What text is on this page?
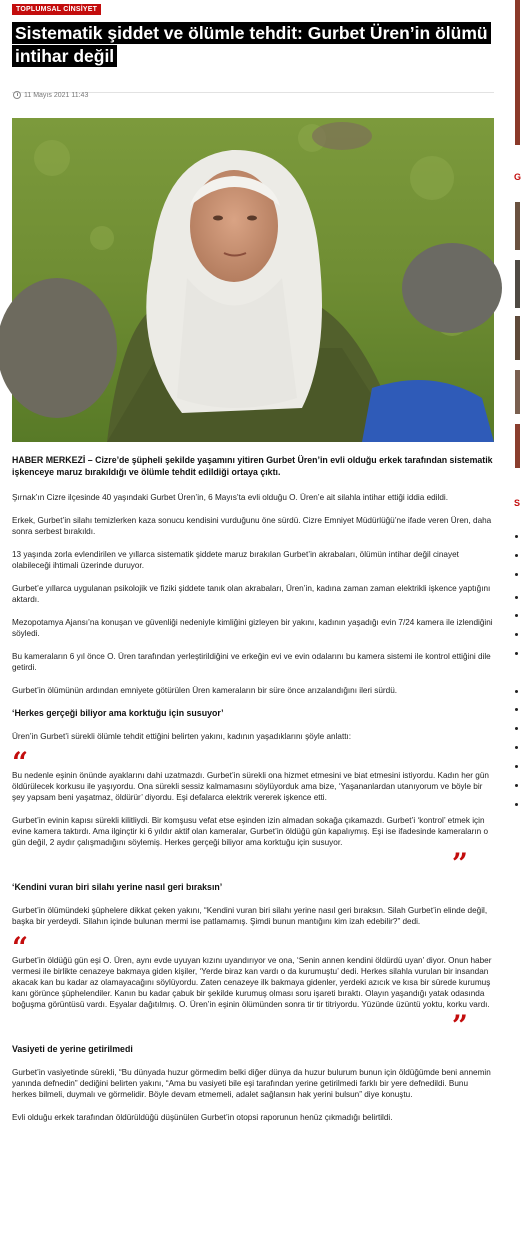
TOPLUMSAL CİNSİYET
Sistematik şiddet ve ölümle tehdit: Gurbet Üren’in ölümü intihar değil
11 Mayıs 2021 11:43

HABER MERKEZİ – Cizre’de şüpheli şekilde yaşamını yitiren Gurbet Üren’in evli olduğu erkek tarafından sistematik işkenceye maruz bırakıldığı ve ölümle tehdit edildiği ortaya çıktı.

Şırnak’ın Cizre ilçesinde 40 yaşındaki Gurbet Üren’in, 6 Mayıs’ta evli olduğu O. Üren’e ait silahla intihar ettiği iddia edildi.

Erkek, Gurbet’in silahı temizlerken kaza sonucu kendisini vurduğunu öne sürdü. Cizre Emniyet Müdürlüğü’ne ifade veren Üren, daha sonra serbest bırakıldı.

13 yaşında zorla evlendirilen ve yıllarca sistematik şiddete maruz bırakılan Gurbet’in akrabaları, ölümün intihar değil cinayet olabileceği ihtimali üzerinde duruyor.

Gurbet’e yıllarca uygulanan psikolojik ve fiziki şiddete tanık olan akrabaları, Üren’in, kadına zaman zaman elektrikli işkence yaptığını aktardı.

Mezopotamya Ajansı’na konuşan ve güvenliği nedeniyle kimliğini gizleyen bir yakını, kadının yaşadığı evin 7/24 kamera ile izlendiğini söyledi.

Bu kameraların 6 yıl önce O. Üren tarafından yerleştirildiğini ve erkeğin evi ve evin odalarını bu kamera sistemi ile kontrol ettiğini dile getirdi.

Gurbet’in ölümünün ardından emniyete götürülen Üren kameraların bir süre önce arızalandığını ileri sürdü.

‘Herkes gerçeği biliyor ama korktuğu için susuyor’

Üren’in Gurbet’i sürekli ölümle tehdit ettiğini belirten yakını, kadının yaşadıklarını şöyle anlattı:

“

Bu nedenle eşinin önünde ayaklarını dahi uzatmazdı. Gurbet’in sürekli ona hizmet etmesini ve biat etmesini istiyordu. Kadın her gün öldürülecek korkusu ile yaşıyordu. Ona sürekli sessiz kalmamasını söylüyorduk ama bize, ‘Yaşananlardan utanıyorum ve böyle bir şey yapsam beni yaşatmaz, öldürür’ diyordu. Eşi defalarca elektrik vererek işkence etti.

Gurbet’in evinin kapısı sürekli kilitliydi. Bir komşusu vefat etse eşinden izin almadan sokağa çıkamazdı. Gurbet’i ‘kontrol’ etmek için evine kamera taktırdı. Ama ilginçtir ki 6 yıldır aktif olan kameralar, Gurbet’in öldüğü gün kapalıymış. Eşi ise ifadesinde kameraların o gün değil, 2 aydır çalışmadığını söylemiş. Herkes gerçeği biliyor ama korktuğu için susuyor.

”

‘Kendini vuran biri silahı yerine nasıl geri bıraksın’

Gurbet’in ölümündeki şüphelere dikkat çeken yakını, “Kendini vuran biri silahı yerine nasıl geri bıraksın. Silah Gurbet’in elinde değil, başka bir yerdeydi. Silahın içinde bulunan mermi ise patlamamış. Şimdi bunun mantığını kim izah edebilir?” dedi.

“

Gurbet’in öldüğü gün eşi O. Üren, aynı evde uyuyan kızını uyandırıyor ve ona, ‘Senin annen kendini öldürdü uyan’ diyor. Onun haber vermesi ile birlikte cenazeye bakmaya giden kişiler, ‘Yerde biraz kan vardı o da kurumuştu’ dedi. Herkes silahla vurulan bir insandan akacak kan bu kadar az olamayacağını söylüyordu. Zaten cenazeye ilk bakmaya gidenler, yerdeki azıcık ve kısa bir sürede kurumuş kanı görünce şüphelendiler. Kanın bu kadar çabuk bir şekilde kurumuş olması soru işareti bıraktı. Olayın yaşandığı yatak odasında boğuşma görüntüsü vardı. Eşyalar dağıtılmış. O. Üren’in eşinin ölümünden sonra tir tir titriyordu. Yüzünde üzüntü yoktu, korku vardı.

”

Vasiyeti de yerine getirilmedi

Gurbet’in vasiyetinde sürekli, “Bu dünyada huzur görmedim belki diğer dünya da huzur bulurum bunun için öldüğümde beni annemin yanında defnedin” dediğini belirten yakını, “Ama bu vasiyeti bile eşi tarafından yerine getirilmedi farklı bir yere defnedildi. Bunu herkes bilmeli, duymalı ve görmelidir. Böyle devam etmemeli, adalet sağlansın hak yerini bulsun” diye konuştu.

Evli olduğu erkek tarafından öldürüldüğü düşünülen Gurbet’in otopsi raporunun henüz çıkmadığı belirtildi.

G
S
